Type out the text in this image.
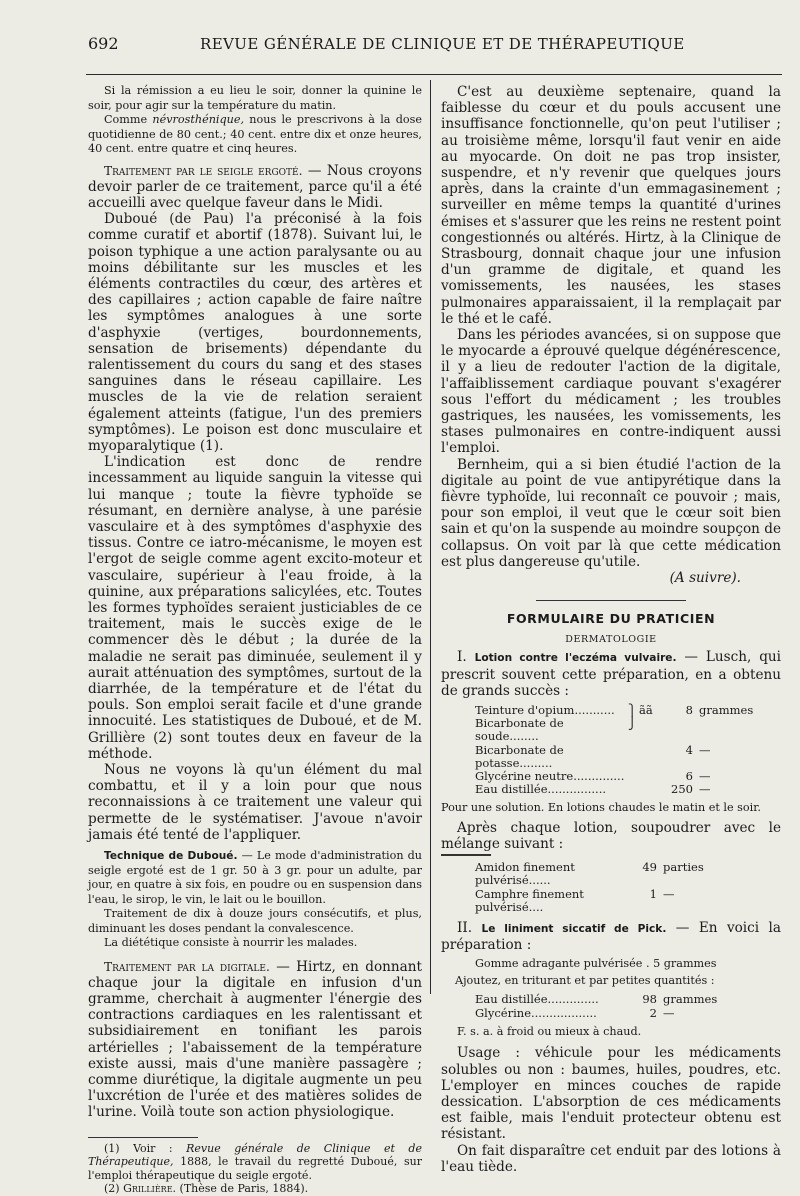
692	REVUE GÉNÉRALE DE CLINIQUE ET DE THÉRAPEUTIQUE

Si la rémission a eu lieu le soir, donner la quinine le soir, pour agir sur la température du matin.

Comme névrosthénique, nous le prescrivons à la dose quotidienne de 80 cent.; 40 cent. entre dix et onze heures, 40 cent. entre quatre et cinq heures.

Traitement par le seigle ergoté. — Nous croyons devoir parler de ce traitement, parce qu'il a été accueilli avec quelque faveur dans le Midi.

Duboué (de Pau) l'a préconisé à la fois comme curatif et abortif (1878). Suivant lui, le poison typhique a une action paralysante ou au moins débilitante sur les muscles et les éléments contractiles du cœur, des artères et des capillaires ; action capable de faire naître les symptômes analogues à une sorte d'asphyxie (vertiges, bourdonnements, sensation de brisements) dépendante du ralentissement du cours du sang et des stases sanguines dans le réseau capillaire. Les muscles de la vie de relation seraient également atteints (fatigue, l'un des premiers symptômes). Le poison est donc musculaire et myoparalytique (1).

L'indication est donc de rendre incessamment au liquide sanguin la vitesse qui lui manque ; toute la fièvre typhoïde se résumant, en dernière analyse, à une parésie vasculaire et à des symptômes d'asphyxie des tissus. Contre ce iatro-mécanisme, le moyen est l'ergot de seigle comme agent excito-moteur et vasculaire, supérieur à l'eau froide, à la quinine, aux préparations salicylées, etc. Toutes les formes typhoïdes seraient justiciables de ce traitement, mais le succès exige de le commencer dès le début ; la durée de la maladie ne serait pas diminuée, seulement il y aurait atténuation des symptômes, surtout de la diarrhée, de la température et de l'état du pouls. Son emploi serait facile et d'une grande innocuité. Les statistiques de Duboué, et de M. Grillière (2) sont toutes deux en faveur de la méthode.

Nous ne voyons là qu'un élément du mal combattu, et il y a loin pour que nous reconnaissions à ce traitement une valeur qui permette de le systématiser. J'avoue n'avoir jamais été tenté de l'appliquer.

Technique de Duboué. — Le mode d'administration du seigle ergoté est de 1 gr. 50 à 3 gr. pour un adulte, par jour, en quatre à six fois, en poudre ou en suspension dans l'eau, le sirop, le vin, le lait ou le bouillon.

Traitement de dix à douze jours consécutifs, et plus, diminuant les doses pendant la convalescence.

La diététique consiste à nourrir les malades.

Traitement par la digitale. — Hirtz, en donnant chaque jour la digitale en infusion d'un gramme, cherchait à augmenter l'énergie des contractions cardiaques en les ralentissant et subsidiairement en tonifiant les parois artérielles ; l'abaissement de la température existe aussi, mais d'une manière passagère ; comme diurétique, la digitale augmente un peu l'uxcrétion de l'urée et des matières solides de l'urine. Voilà toute son action physiologique.

(1) Voir : Revue générale de Clinique et de Thérapeutique, 1888, le travail du regretté Duboué, sur l'emploi thérapeutique du seigle ergoté.

(2) Grillière. (Thèse de Paris, 1884).

C'est au deuxième septenaire, quand la faiblesse du cœur et du pouls accusent une insuffisance fonctionnelle, qu'on peut l'utiliser ; au troisième même, lorsqu'il faut venir en aide au myocarde. On doit ne pas trop insister, suspendre, et n'y revenir que quelques jours après, dans la crainte d'un emmagasinement ; surveiller en même temps la quantité d'urines émises et s'assurer que les reins ne restent point congestionnés ou altérés. Hirtz, à la Clinique de Strasbourg, donnait chaque jour une infusion d'un gramme de digitale, et quand les vomissements, les nausées, les stases pulmonaires apparaissaient, il la remplaçait par le thé et le café.

Dans les périodes avancées, si on suppose que le myocarde a éprouvé quelque dégénérescence, il y a lieu de redouter l'action de la digitale, l'affaiblissement cardiaque pouvant s'exagérer sous l'effort du médicament ; les troubles gastriques, les nausées, les vomissements, les stases pulmonaires en contre-indiquent aussi l'emploi.

Bernheim, qui a si bien étudié l'action de la digitale au point de vue antipyrétique dans la fièvre typhoïde, lui reconnaît ce pouvoir ; mais, pour son emploi, il veut que le cœur soit bien sain et qu'on la suspende au moindre soupçon de collapsus. On voit par là que cette médication est plus dangereuse qu'utile.

(A suivre).

FORMULAIRE DU PRATICIEN
DERMATOLOGIE

I. Lotion contre l'eczéma vulvaire. — Lusch, qui prescrit souvent cette préparation, en a obtenu de grands succès :

Teinture d'opium...........	⎫	ãã	8	grammes
Bicarbonate de soude........	⎭			
Bicarbonate de potasse.........			4	—
Glycérine neutre..............			6	—
Eau distillée................			250	—

Pour une solution. En lotions chaudes le matin et le soir.

Après chaque lotion, soupoudrer avec le mélange suivant :

Amidon finement pulvérisé......	49	parties
Camphre finement pulvérisé....	1	—

II. Le liniment siccatif de Pick. — En voici la préparation :

Gomme adragante pulvérisée . 5 grammes

Ajoutez, en triturant et par petites quantités :

Eau distillée..............	98	grammes
Glycérine..................	2	—

F. s. a. à froid ou mieux à chaud.

Usage : véhicule pour les médicaments solubles ou non : baumes, huiles, poudres, etc. L'employer en minces couches de rapide dessication. L'absorption de ces médicaments est faible, mais l'enduit protecteur obtenu est résistant.

On fait disparaître cet enduit par des lotions à l'eau tiède.
